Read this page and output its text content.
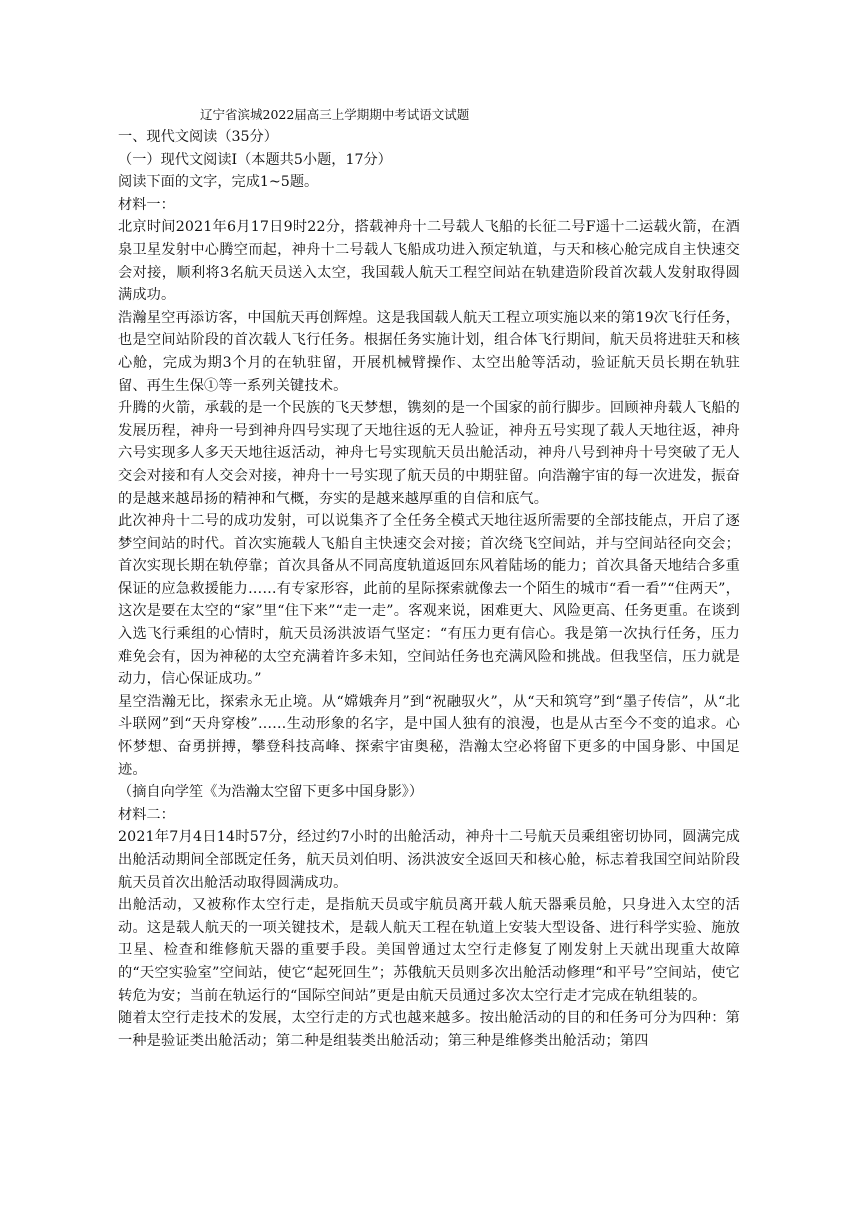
辽宁省滨城2022届高三上学期期中考试语文试题
一、现代文阅读（35分）
（一）现代文阅读I（本题共5小题，17分）
阅读下面的文字，完成1~5题。
材料一：
北京时间2021年6月17日9时22分，搭载神舟十二号载人飞船的长征二号F遥十二运载火箭，在酒泉卫星发射中心腾空而起，神舟十二号载人飞船成功进入预定轨道，与天和核心舱完成自主快速交会对接，顺利将3名航天员送入太空，我国载人航天工程空间站在轨建造阶段首次载人发射取得圆满成功。
浩瀚星空再添访客，中国航天再创辉煌。这是我国载人航天工程立项实施以来的第19次飞行任务，也是空间站阶段的首次载人飞行任务。根据任务实施计划，组合体飞行期间，航天员将进驻天和核心舱，完成为期3个月的在轨驻留，开展机械臂操作、太空出舱等活动，验证航天员长期在轨驻留、再生生保①等一系列关键技术。
升腾的火箭，承载的是一个民族的飞天梦想，镌刻的是一个国家的前行脚步。回顾神舟载人飞船的发展历程，神舟一号到神舟四号实现了天地往返的无人验证，神舟五号实现了载人天地往返，神舟六号实现多人多天天地往返活动，神舟七号实现航天员出舱活动，神舟八号到神舟十号突破了无人交会对接和有人交会对接，神舟十一号实现了航天员的中期驻留。向浩瀚宇宙的每一次进发，振奋的是越来越昂扬的精神和气概，夯实的是越来越厚重的自信和底气。
此次神舟十二号的成功发射，可以说集齐了全任务全模式天地往返所需要的全部技能点，开启了逐梦空间站的时代。首次实施载人飞船自主快速交会对接；首次绕飞空间站，并与空间站径向交会；首次实现长期在轨停靠；首次具备从不同高度轨道返回东风着陆场的能力；首次具备天地结合多重保证的应急救援能力……有专家形容，此前的星际探索就像去一个陌生的城市“看一看”“住两天”，这次是要在太空的“家”里“住下来”“走一走”。客观来说，困难更大、风险更高、任务更重。在谈到入选飞行乘组的心情时，航天员汤洪波语气坚定：“有压力更有信心。我是第一次执行任务，压力难免会有，因为神秘的太空充满着许多未知，空间站任务也充满风险和挑战。但我坚信，压力就是动力，信心保证成功。”
星空浩瀚无比，探索永无止境。从“嫦娥奔月”到“祝融驭火”，从“天和筑穹”到“墨子传信”，从“北斗联网”到“天舟穿梭”……生动形象的名字，是中国人独有的浪漫，也是从古至今不变的追求。心怀梦想、奋勇拼搏，攀登科技高峰、探索宇宙奥秘，浩瀚太空必将留下更多的中国身影、中国足迹。
（摘自向学笙《为浩瀚太空留下更多中国身影》）
材料二：
2021年7月4日14时57分，经过约7小时的出舱活动，神舟十二号航天员乘组密切协同，圆满完成出舱活动期间全部既定任务，航天员刘伯明、汤洪波安全返回天和核心舱，标志着我国空间站阶段航天员首次出舱活动取得圆满成功。
出舱活动，又被称作太空行走，是指航天员或宇航员离开载人航天器乘员舱，只身进入太空的活动。这是载人航天的一项关键技术，是载人航天工程在轨道上安装大型设备、进行科学实验、施放卫星、检查和维修航天器的重要手段。美国曾通过太空行走修复了刚发射上天就出现重大故障的“天空实验室”空间站，使它“起死回生”；苏俄航天员则多次出舱活动修理“和平号”空间站，使它转危为安；当前在轨运行的“国际空间站”更是由航天员通过多次太空行走才完成在轨组装的。
随着太空行走技术的发展，太空行走的方式也越来越多。按出舱活动的目的和任务可分为四种：第一种是验证类出舱活动；第二种是组装类出舱活动；第三种是维修类出舱活动；第四
